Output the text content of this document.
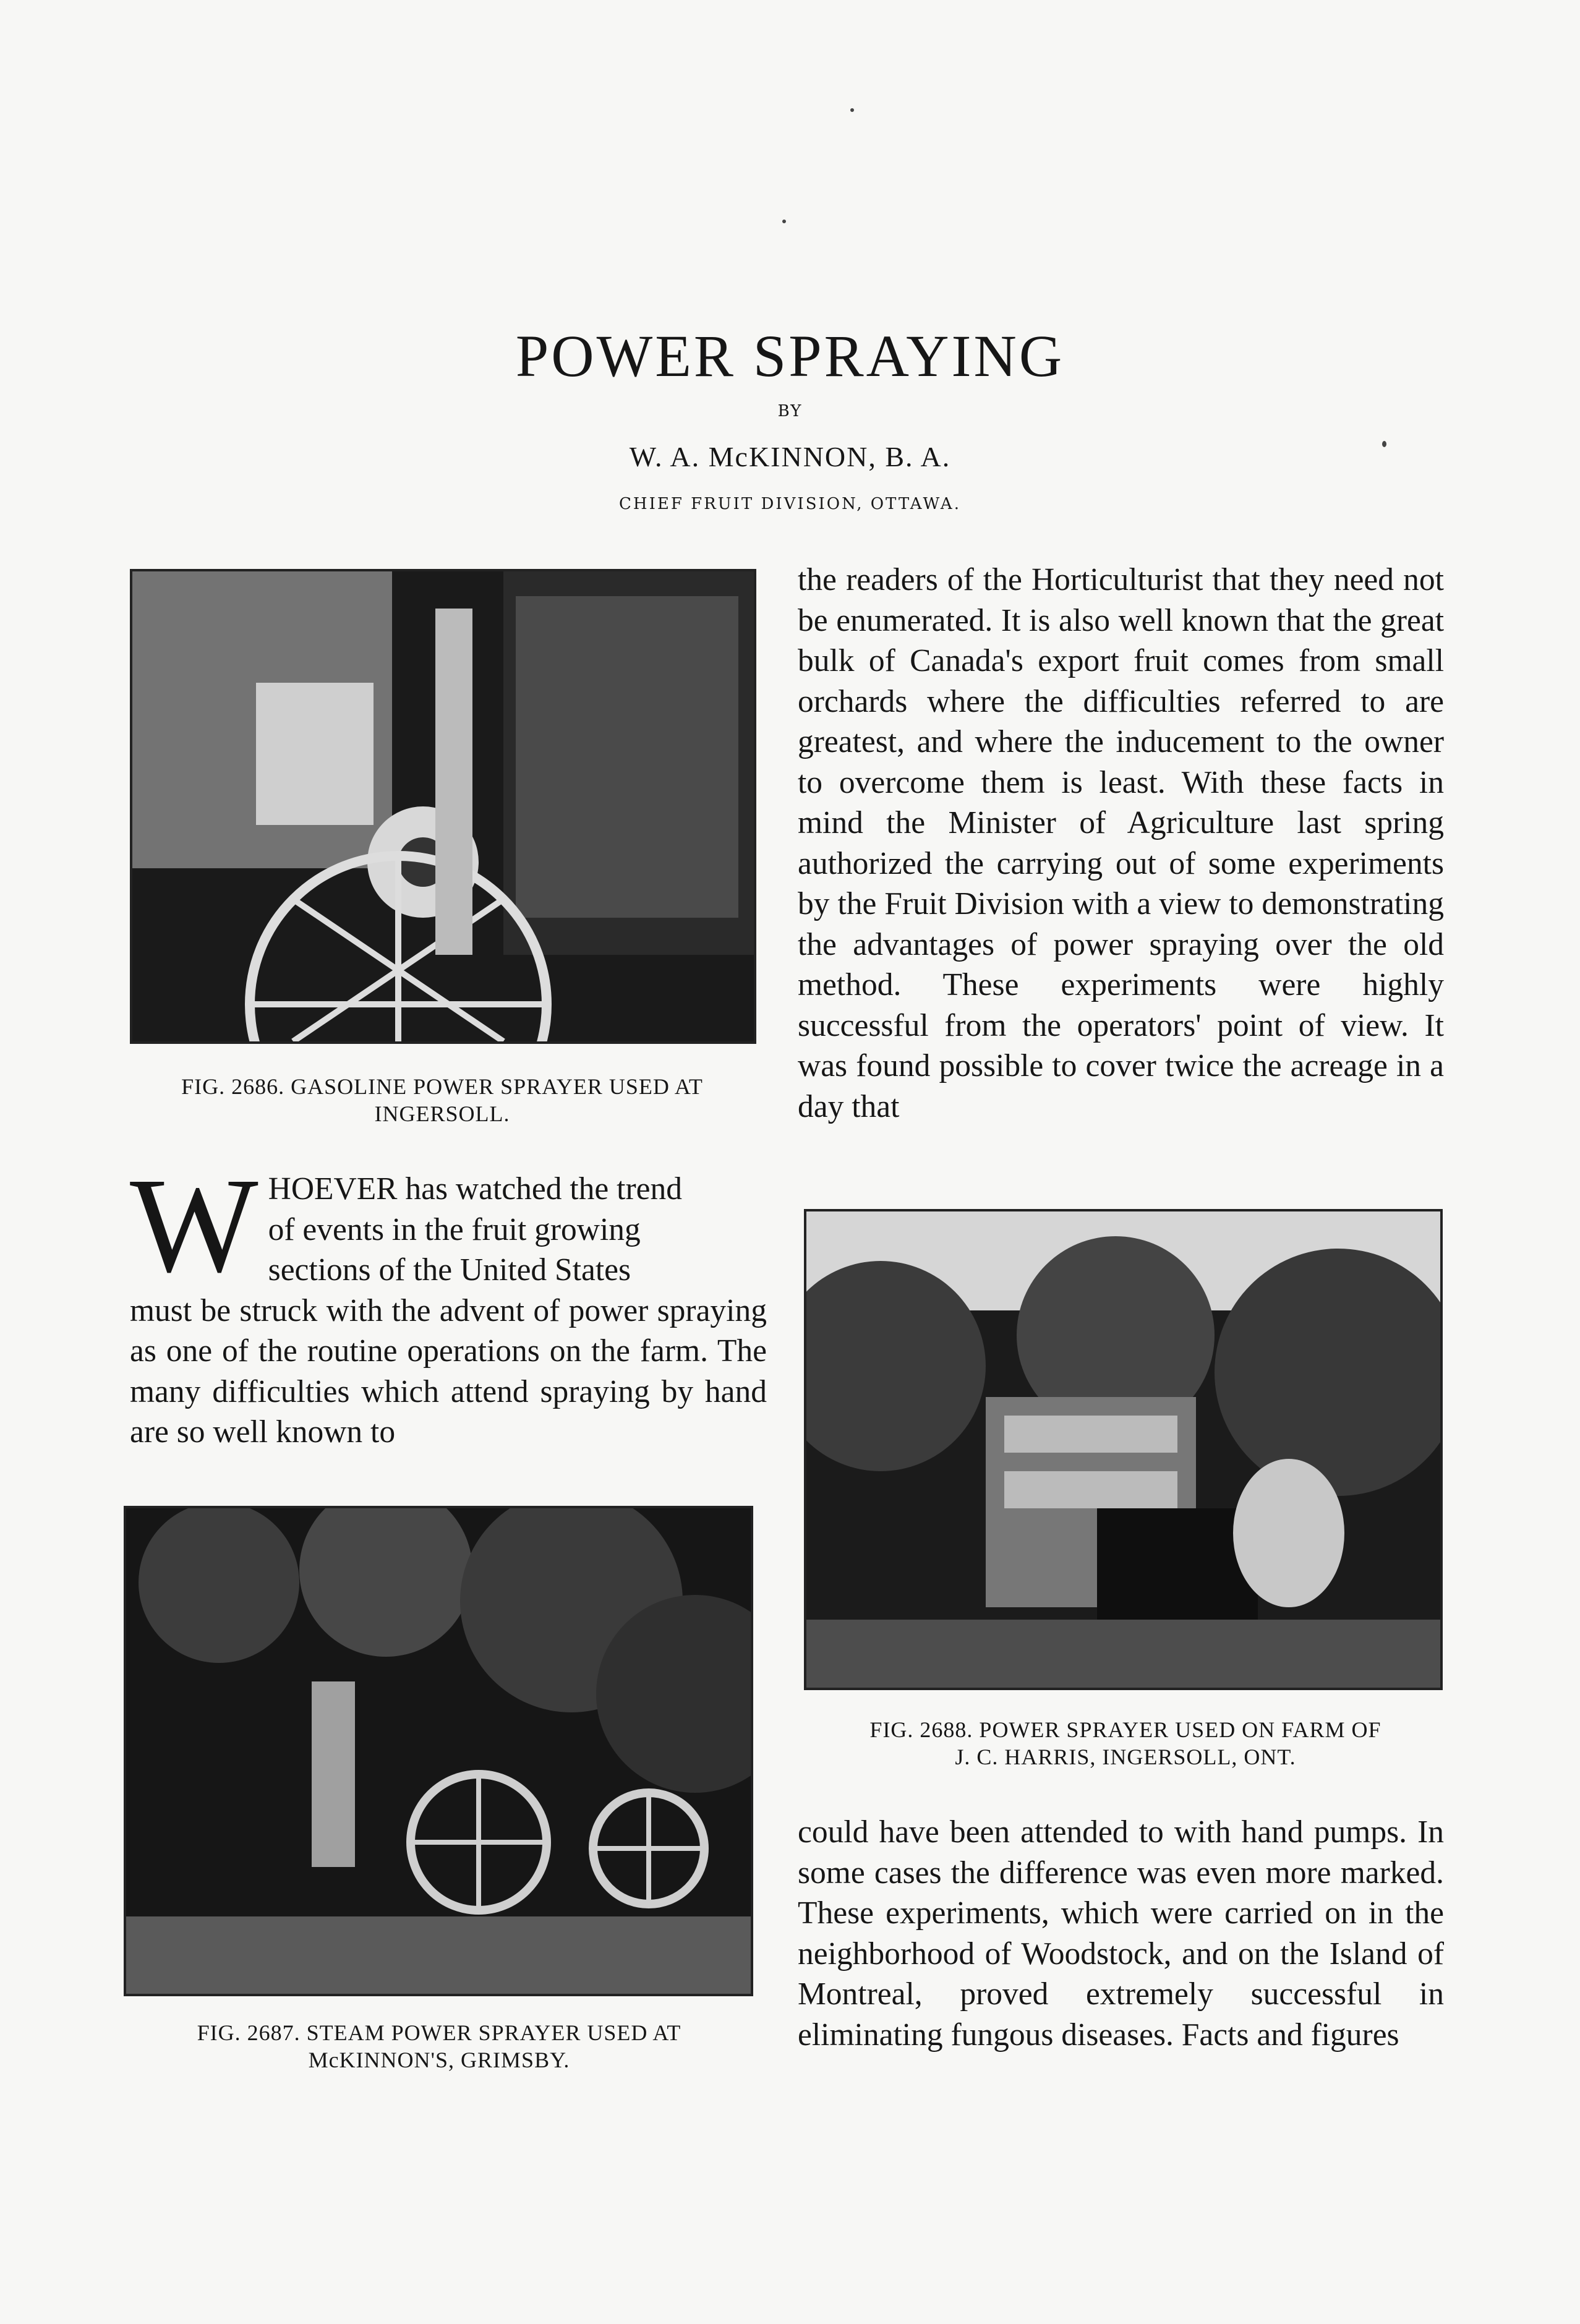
POWER SPRAYING
BY
W. A. McKINNON, B. A.
CHIEF FRUIT DIVISION, OTTAWA.
FIG. 2686. GASOLINE POWER SPRAYER USED AT
INGERSOLL.
W HOEVER has watched the trend
of events in the fruit growing
sections of the United States
must be struck with the advent of power spraying as one of the routine operations on the farm. The many difficulties which attend spraying by hand are so well known to
FIG. 2687. STEAM POWER SPRAYER USED AT
McKINNON'S, GRIMSBY.
the readers of the Horticulturist that they need not be enumerated. It is also well known that the great bulk of Canada's export fruit comes from small orchards where the difficulties referred to are greatest, and where the inducement to the owner to overcome them is least. With these facts in mind the Minister of Agriculture last spring authorized the carrying out of some experiments by the Fruit Division with a view to demonstrating the advantages of power spraying over the old method. These experiments were highly successful from the operators' point of view. It was found possible to cover twice the acreage in a day that
FIG. 2688. POWER SPRAYER USED ON FARM OF
J. C. HARRIS, INGERSOLL, ONT.
could have been attended to with hand pumps. In some cases the difference was even more marked. These experiments, which were carried on in the neighborhood of Woodstock, and on the Island of Montreal, proved extremely successful in eliminating fungous diseases. Facts and figures
